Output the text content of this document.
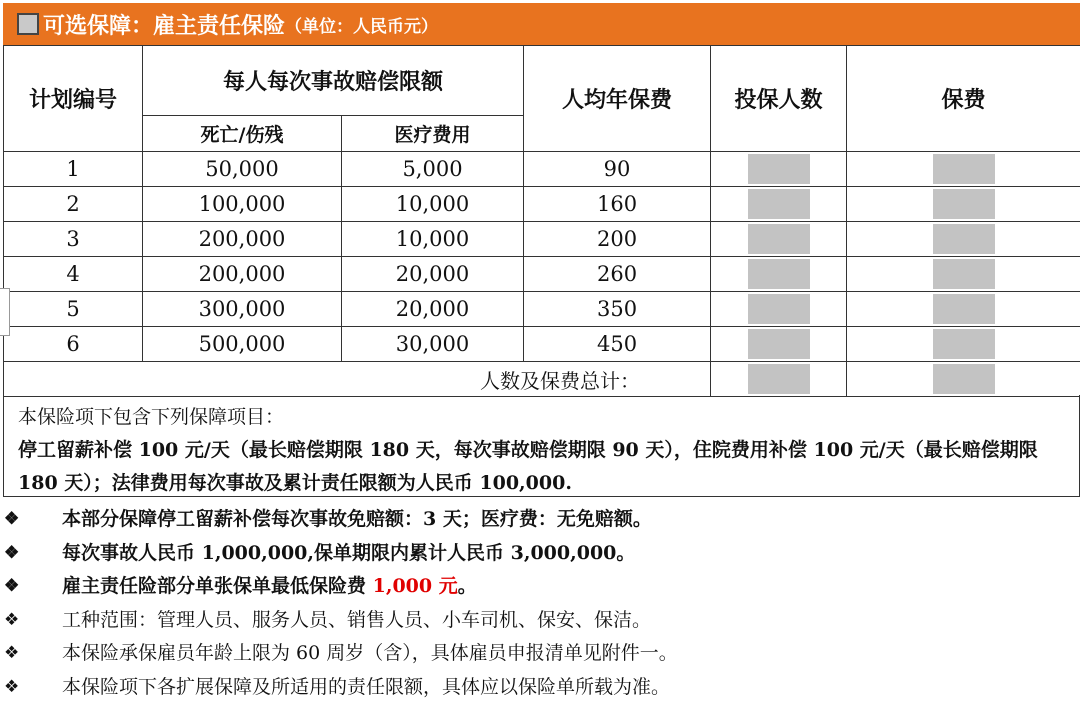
可选保障：雇主责任保险 （单位：人民币元）
计划编号	每人每次事故赔偿限额		人均年保费	投保人数	保费
	死亡/伤残	医疗费用			
1	50,000	5,000	90		
2	100,000	10,000	160		
3	200,000	10,000	200		
4	200,000	20,000	260		
5	300,000	20,000	350		
6	500,000	30,000	450		
人数及保费总计：					
本保险项下包含下列保障项目：
停工留薪补偿 100 元/天（最长赔偿期限 180 天，每次事故赔偿期限 90 天），住院费用补偿 100 元/天（最长赔偿期限 180 天）；法律费用每次事故及累计责任限额为人民币 100,000.
❖ 本部分保障停工留薪补偿每次事故免赔额：3 天；医疗费：无免赔额。
❖ 每次事故人民币 1,000,000,保单期限内累计人民币 3,000,000。
❖ 雇主责任险部分单张保单最低保险费 1,000 元。
❖ 工种范围：管理人员、服务人员、销售人员、小车司机、保安、保洁。
❖ 本保险承保雇员年龄上限为 60 周岁（含），具体雇员申报清单见附件一。
❖ 本保险项下各扩展保障及所适用的责任限额，具体应以保险单所载为准。
